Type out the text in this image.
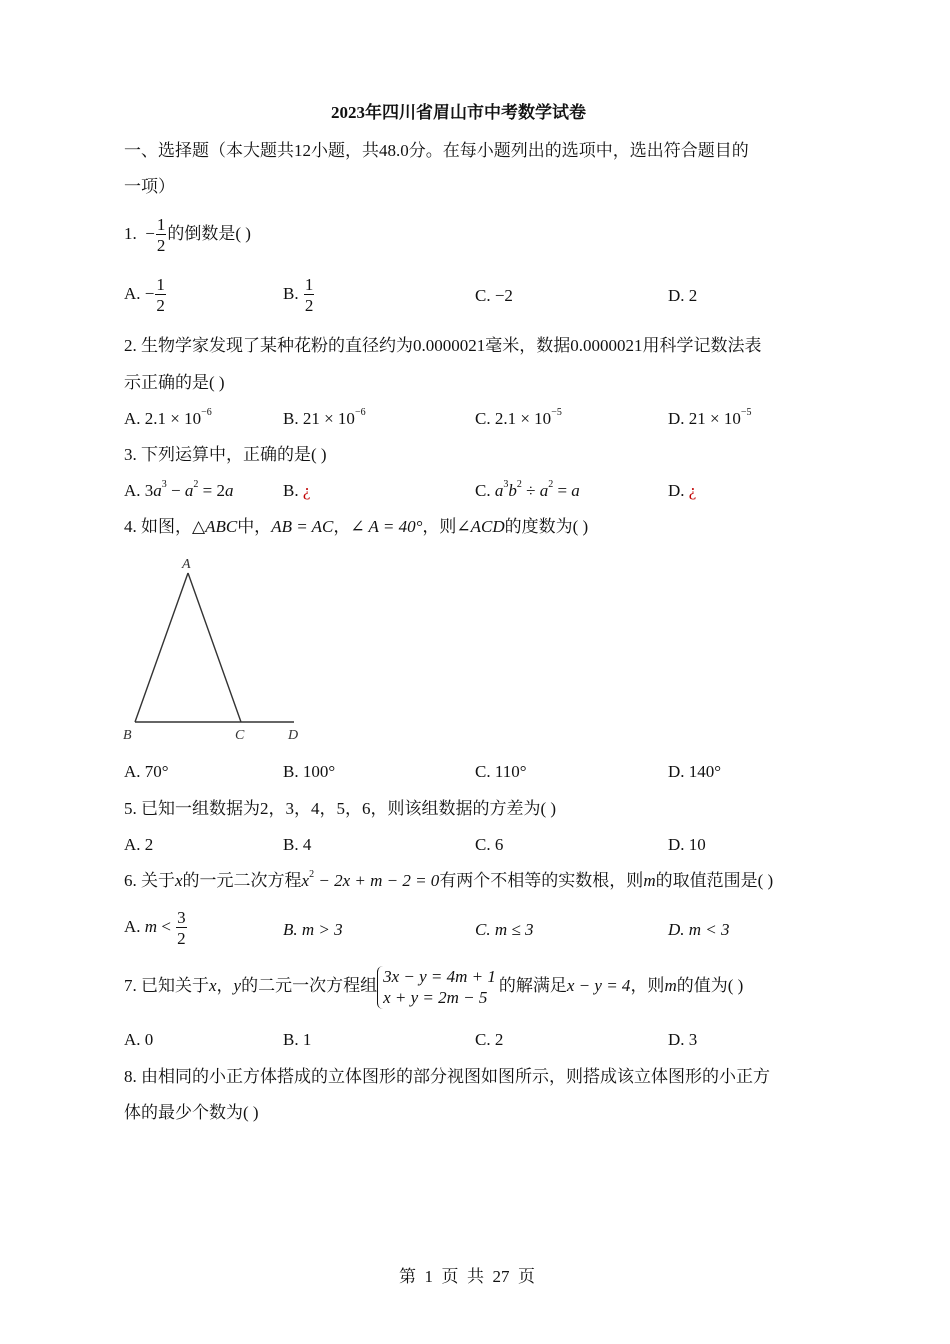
2023年四川省眉山市中考数学试卷
一、选择题（本大题共12小题，共48.0分。在每小题列出的选项中，选出符合题目的
一项）
1.  − $\frac{1}{2}$ 的倒数是( )
A. − $\frac{1}{2}$	B. $\frac{1}{2}$	C. −2	D. 2
2. 生物学家发现了某种花粉的直径约为0.0000021毫米，数据0.0000021用科学记数法表
示正确的是( )
A. $2.1 \times 10^{-6}$	B. $21 \times 10^{-6}$	C. $2.1 \times 10^{-5}$	D. $21 \times 10^{-5}$
3. 下列运算中，正确的是( )
A. $3a^3 - a^2 = 2a$	B. ¿	C. $a^3b^2 \div a^2 = a$	D. ¿
4. 如图，△ABC中，AB = AC，∠ A = 40°，则∠ACD的度数为( )
A
B	C	D
A. 70°	B. 100°	C. 110°	D. 140°
5. 已知一组数据为2，3，4，5，6，则该组数据的方差为( )
A. 2	B. 4	C. 6	D. 10
6. 关于x的一元二次方程$x^2 - 2x + m - 2 = 0$有两个不相等的实数根，则m的取值范围是( )
A. $m < \frac{3}{2}$	B. m > 3	C. m ≤ 3	D. m < 3
7. 已知关于x，y的二元一次方程组 3x − y = 4m + 1
x + y = 2m − 5
的解满足x − y = 4，则m的值为( )
A. 0	B. 1	C. 2	D. 3
8. 由相同的小正方体搭成的立体图形的部分视图如图所示，则搭成该立体图形的小正方
体的最少个数为( )
第  1  页  共  27  页
